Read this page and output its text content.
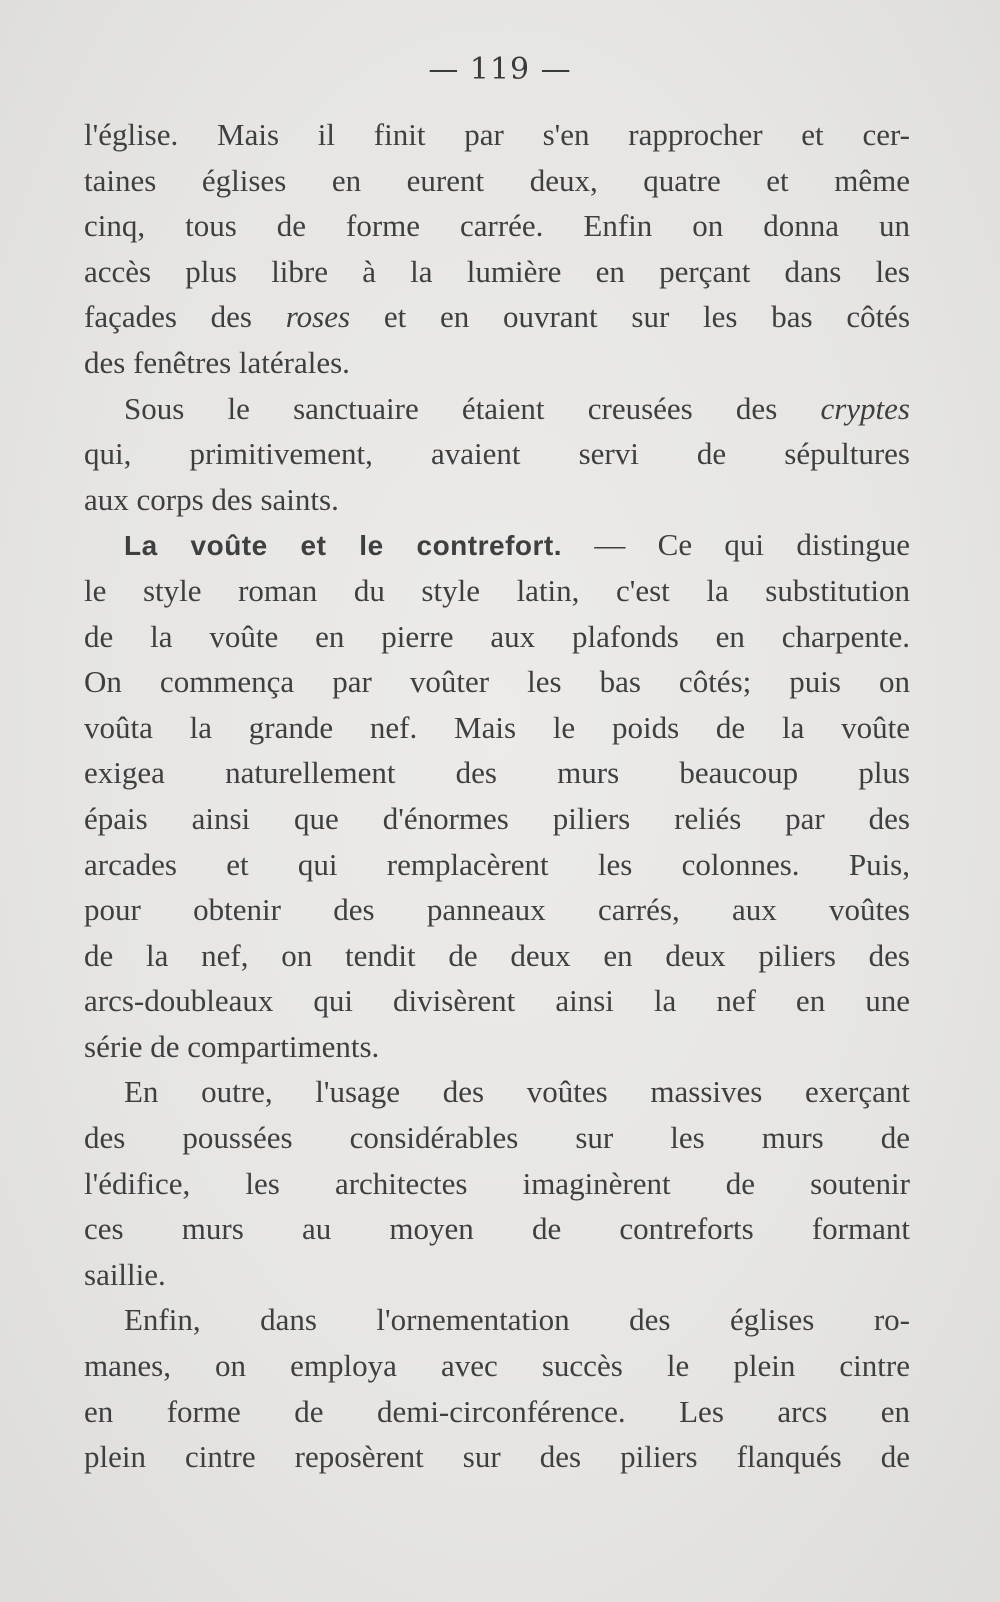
— 119 —
l'église. Mais il finit par s'en rapprocher et cer-
taines églises en eurent deux, quatre et même
cinq, tous de forme carrée. Enfin on donna un
accès plus libre à la lumière en perçant dans les
façades des roses et en ouvrant sur les bas côtés
des fenêtres latérales.
Sous le sanctuaire étaient creusées des cryptes
qui, primitivement, avaient servi de sépultures
aux corps des saints.
La voûte et le contrefort. — Ce qui distingue
le style roman du style latin, c'est la substitution
de la voûte en pierre aux plafonds en charpente.
On commença par voûter les bas côtés; puis on
voûta la grande nef. Mais le poids de la voûte
exigea naturellement des murs beaucoup plus
épais ainsi que d'énormes piliers reliés par des
arcades et qui remplacèrent les colonnes. Puis,
pour obtenir des panneaux carrés, aux voûtes
de la nef, on tendit de deux en deux piliers des
arcs-doubleaux qui divisèrent ainsi la nef en une
série de compartiments.
En outre, l'usage des voûtes massives exerçant
des poussées considérables sur les murs de
l'édifice, les architectes imaginèrent de soutenir
ces murs au moyen de contreforts formant
saillie.
Enfin, dans l'ornementation des églises ro-
manes, on employa avec succès le plein cintre
en forme de demi-circonférence. Les arcs en
plein cintre reposèrent sur des piliers flanqués de
